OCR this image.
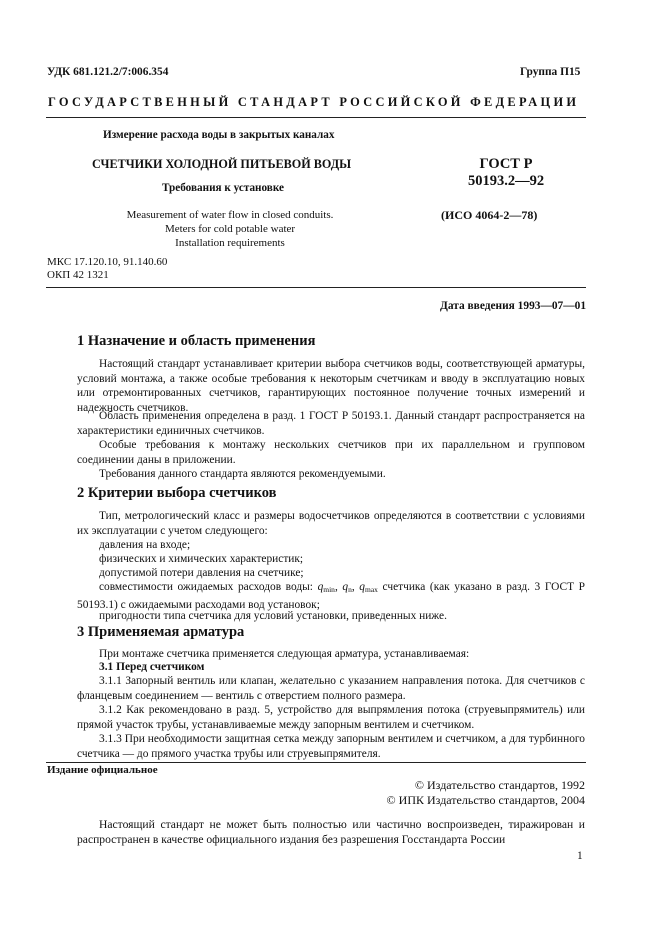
УДК 681.121.2/7:006.354	Группа П15
ГОСУДАРСТВЕННЫЙ СТАНДАРТ РОССИЙСКОЙ ФЕДЕРАЦИИ
Измерение расхода воды в закрытых каналах
СЧЕТЧИКИ ХОЛОДНОЙ ПИТЬЕВОЙ ВОДЫ
Требования к установке
Measurement of water flow in closed conduits.
Meters for cold potable water
Installation requirements
ГОСТ Р
50193.2—92
(ИСО 4064-2—78)
МКС 17.120.10, 91.140.60
ОКП 42 1321
Дата введения 1993—07—01
1 Назначение и область применения
Настоящий стандарт устанавливает критерии выбора счетчиков воды, соответствующей арматуры, условий монтажа, а также особые требования к некоторым счетчикам и вводу в эксплуатацию новых или отремонтированных счетчиков, гарантирующих постоянное получение точных измерений и надежность счетчиков.
Область применения определена в разд. 1 ГОСТ Р 50193.1. Данный стандарт распространяется на характеристики единичных счетчиков.
Особые требования к монтажу нескольких счетчиков при их параллельном и групповом соединении даны в приложении.
Требования данного стандарта являются рекомендуемыми.
2 Критерии выбора счетчиков
Тип, метрологический класс и размеры водосчетчиков определяются в соответствии с условиями их эксплуатации с учетом следующего:
давления на входе;
физических и химических характеристик;
допустимой потери давления на счетчике;
совместимости ожидаемых расходов воды: $q_{min}$, $q_n$, $q_{max}$ счетчика (как указано в разд. 3 ГОСТ Р 50193.1) с ожидаемыми расходами вод установок;
пригодности типа счетчика для условий установки, приведенных ниже.
3 Применяемая арматура
При монтаже счетчика применяется следующая арматура, устанавливаемая:
3.1 Перед счетчиком
3.1.1 Запорный вентиль или клапан, желательно с указанием направления потока. Для счетчиков с фланцевым соединением — вентиль с отверстием полного размера.
3.1.2 Как рекомендовано в разд. 5, устройство для выпрямления потока (струевыпрямитель) или прямой участок трубы, устанавливаемые между запорным вентилем и счетчиком.
3.1.3 При необходимости защитная сетка между запорным вентилем и счетчиком, а для турбинного счетчика — до прямого участка трубы или струевыпрямителя.
Издание официальное
© Издательство стандартов, 1992
© ИПК Издательство стандартов, 2004
Настоящий стандарт не может быть полностью или частично воспроизведен, тиражирован и распространен в качестве официального издания без разрешения Госстандарта России
1
